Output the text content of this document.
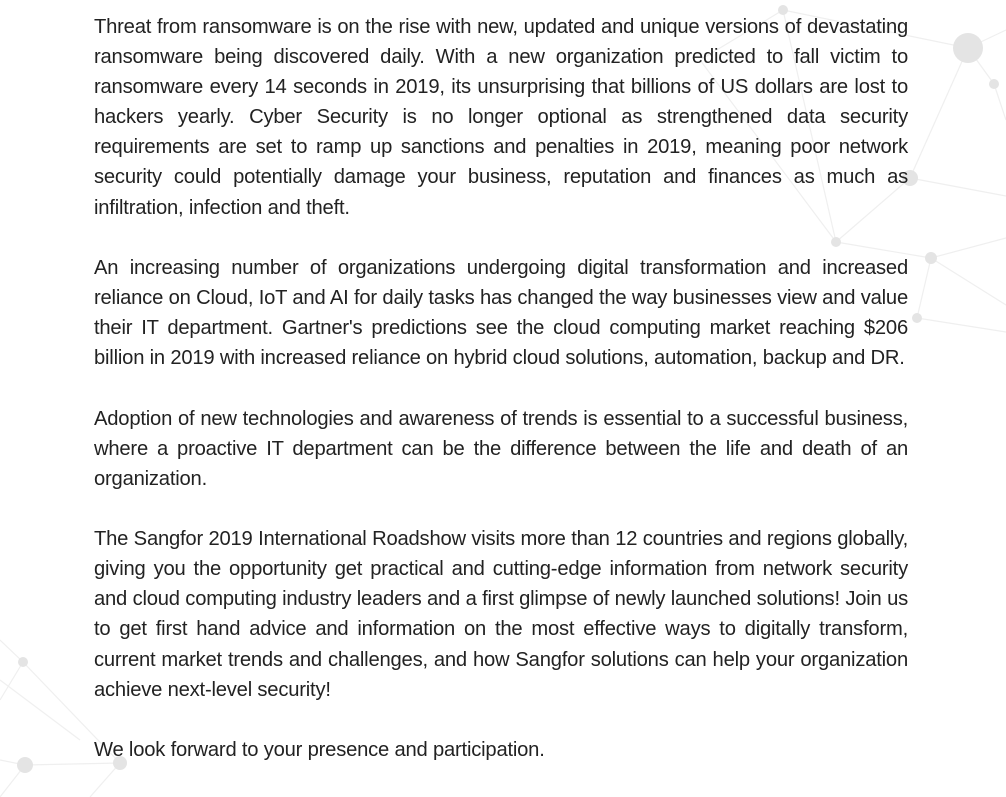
Threat from ransomware is on the rise with new, updated and unique versions of devastating ransomware being discovered daily. With a new organization predicted to fall victim to ransomware every 14 seconds in 2019, its unsurprising that billions of US dollars are lost to hackers yearly. Cyber Security is no longer optional as strengthened data security requirements are set to ramp up sanctions and penalties in 2019, meaning poor network security could potentially damage your business, reputation and finances as much as infiltration, infection and theft.

An increasing number of organizations undergoing digital transformation and increased reliance on Cloud, IoT and AI for daily tasks has changed the way businesses view and value their IT department. Gartner's predictions see the cloud computing market reaching $206 billion in 2019 with increased reliance on hybrid cloud solutions, automation, backup and DR.

Adoption of new technologies and awareness of trends is essential to a successful business, where a proactive IT department can be the difference between the life and death of an organization.

The Sangfor 2019 International Roadshow visits more than 12 countries and regions globally, giving you the opportunity get practical and cutting-edge information from network security and cloud computing industry leaders and a first glimpse of newly launched solutions! Join us to get first hand advice and information on the most effective ways to digitally transform, current market trends and challenges, and how Sangfor solutions can help your organization achieve next-level security!

We look forward to your presence and participation.
